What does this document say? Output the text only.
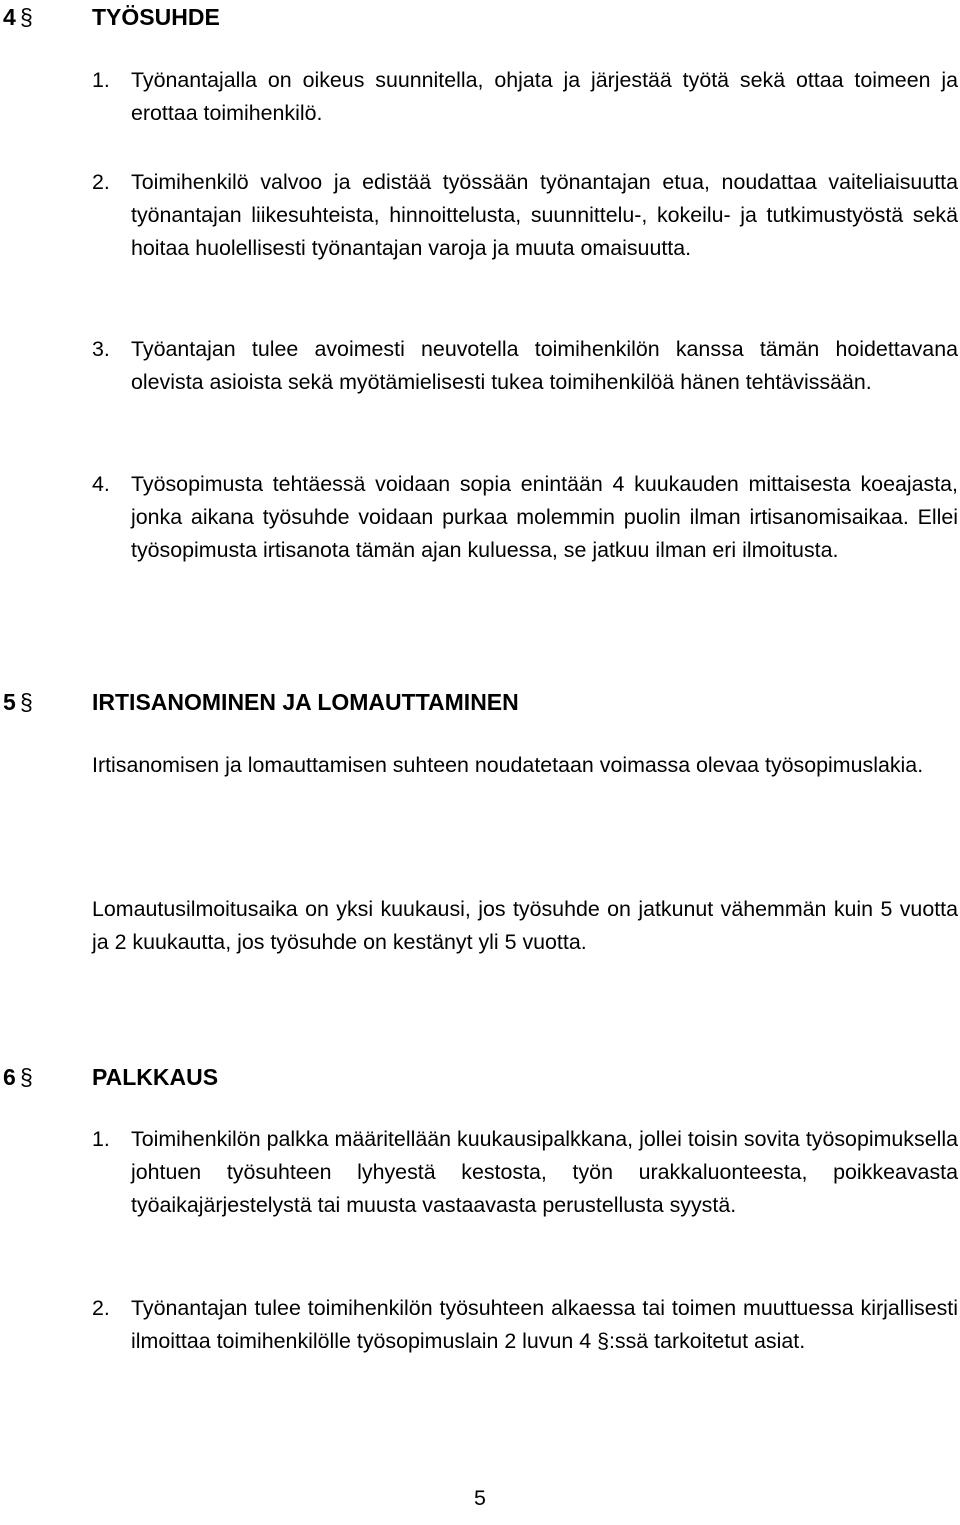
4 §	TYÖSUHDE
1. Työnantajalla on oikeus suunnitella, ohjata ja järjestää työtä sekä ottaa toimeen ja erottaa toimihenkilö.
2. Toimihenkilö valvoo ja edistää työssään työnantajan etua, noudattaa vaiteliaisuutta työnantajan liikesuhteista, hinnoittelusta, suunnittelu-, kokeilu- ja tutkimustyöstä sekä hoitaa huolellisesti työnantajan varoja ja muuta omaisuutta.
3. Työantajan tulee avoimesti neuvotella toimihenkilön kanssa tämän hoidettavana olevista asioista sekä myötämielisesti tukea toimihenkilöä hänen tehtävissään.
4. Työsopimusta tehtäessä voidaan sopia enintään 4 kuukauden mittaisesta koeajasta, jonka aikana työsuhde voidaan purkaa molemmin puolin ilman irtisanomisaikaa. Ellei työsopimusta irtisanota tämän ajan kuluessa, se jatkuu ilman eri ilmoitusta.
5 §	IRTISANOMINEN JA LOMAUTTAMINEN
Irtisanomisen ja lomauttamisen suhteen noudatetaan voimassa olevaa työsopimuslakia.
Lomautusilmoitusaika on yksi kuukausi, jos työsuhde on jatkunut vähemmän kuin 5 vuotta ja 2 kuukautta, jos työsuhde on kestänyt yli 5 vuotta.
6 §	PALKKAUS
1. Toimihenkilön palkka määritellään kuukausipalkkana, jollei toisin sovita työsopimuksella johtuen työsuhteen lyhyestä kestosta, työn urakkaluonteesta, poikkeavasta työaikajärjestelystä tai muusta vastaavasta perustellusta syystä.
2. Työnantajan tulee toimihenkilön työsuhteen alkaessa tai toimen muuttuessa kirjallisesti ilmoittaa toimihenkilölle työsopimuslain 2 luvun 4 §:ssä tarkoitetut asiat.
5
